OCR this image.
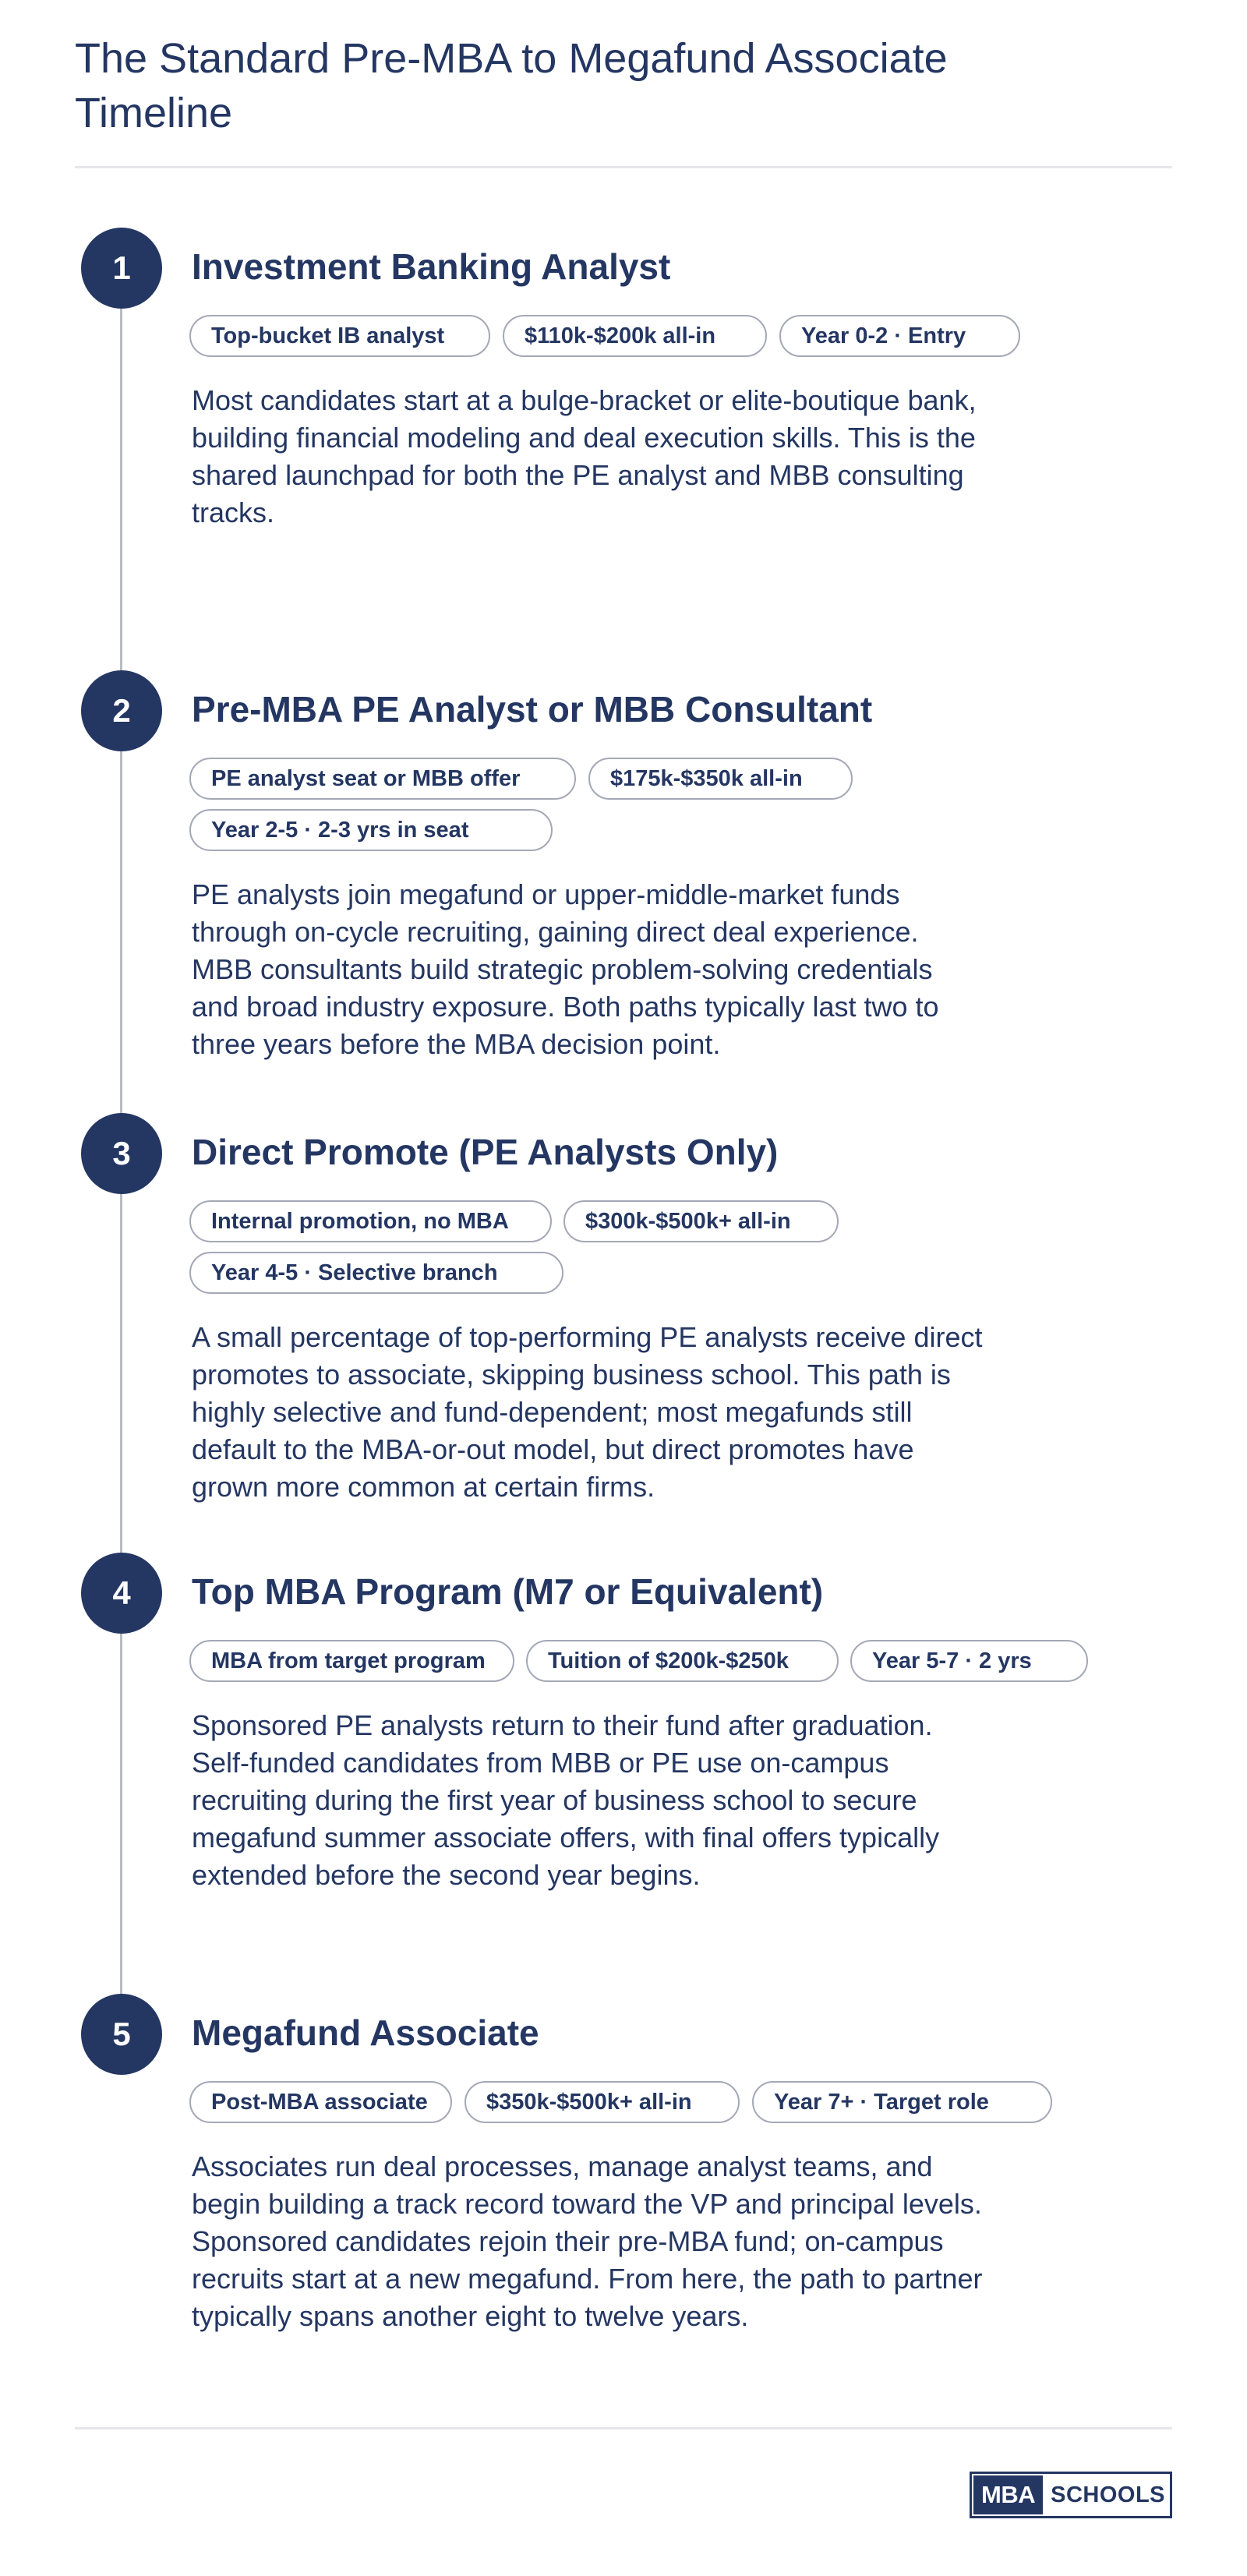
The Standard Pre-MBA to Megafund Associate Timeline
1	Investment Banking Analyst
Top-bucket IB analyst	$110k-$200k all-in	Year 0-2 · Entry

Most candidates start at a bulge-bracket or elite-boutique bank, building financial modeling and deal execution skills. This is the shared launchpad for both the PE analyst and MBB consulting tracks.

2	Pre-MBA PE Analyst or MBB Consultant
PE analyst seat or MBB offer	$175k-$350k all-in
Year 2-5 · 2-3 yrs in seat

PE analysts join megafund or upper-middle-market funds through on-cycle recruiting, gaining direct deal experience. MBB consultants build strategic problem-solving credentials and broad industry exposure. Both paths typically last two to three years before the MBA decision point.

3	Direct Promote (PE Analysts Only)
Internal promotion, no MBA	$300k-$500k+ all-in
Year 4-5 · Selective branch

A small percentage of top-performing PE analysts receive direct promotes to associate, skipping business school. This path is highly selective and fund-dependent; most megafunds still default to the MBA-or-out model, but direct promotes have grown more common at certain firms.

4	Top MBA Program (M7 or Equivalent)
MBA from target program	Tuition of $200k-$250k	Year 5-7 · 2 yrs

Sponsored PE analysts return to their fund after graduation. Self-funded candidates from MBB or PE use on-campus recruiting during the first year of business school to secure megafund summer associate offers, with final offers typically extended before the second year begins.

5	Megafund Associate
Post-MBA associate	$350k-$500k+ all-in	Year 7+ · Target role

Associates run deal processes, manage analyst teams, and begin building a track record toward the VP and principal levels. Sponsored candidates rejoin their pre-MBA fund; on-campus recruits start at a new megafund. From here, the path to partner typically spans another eight to twelve years.

MBA SCHOOLS
